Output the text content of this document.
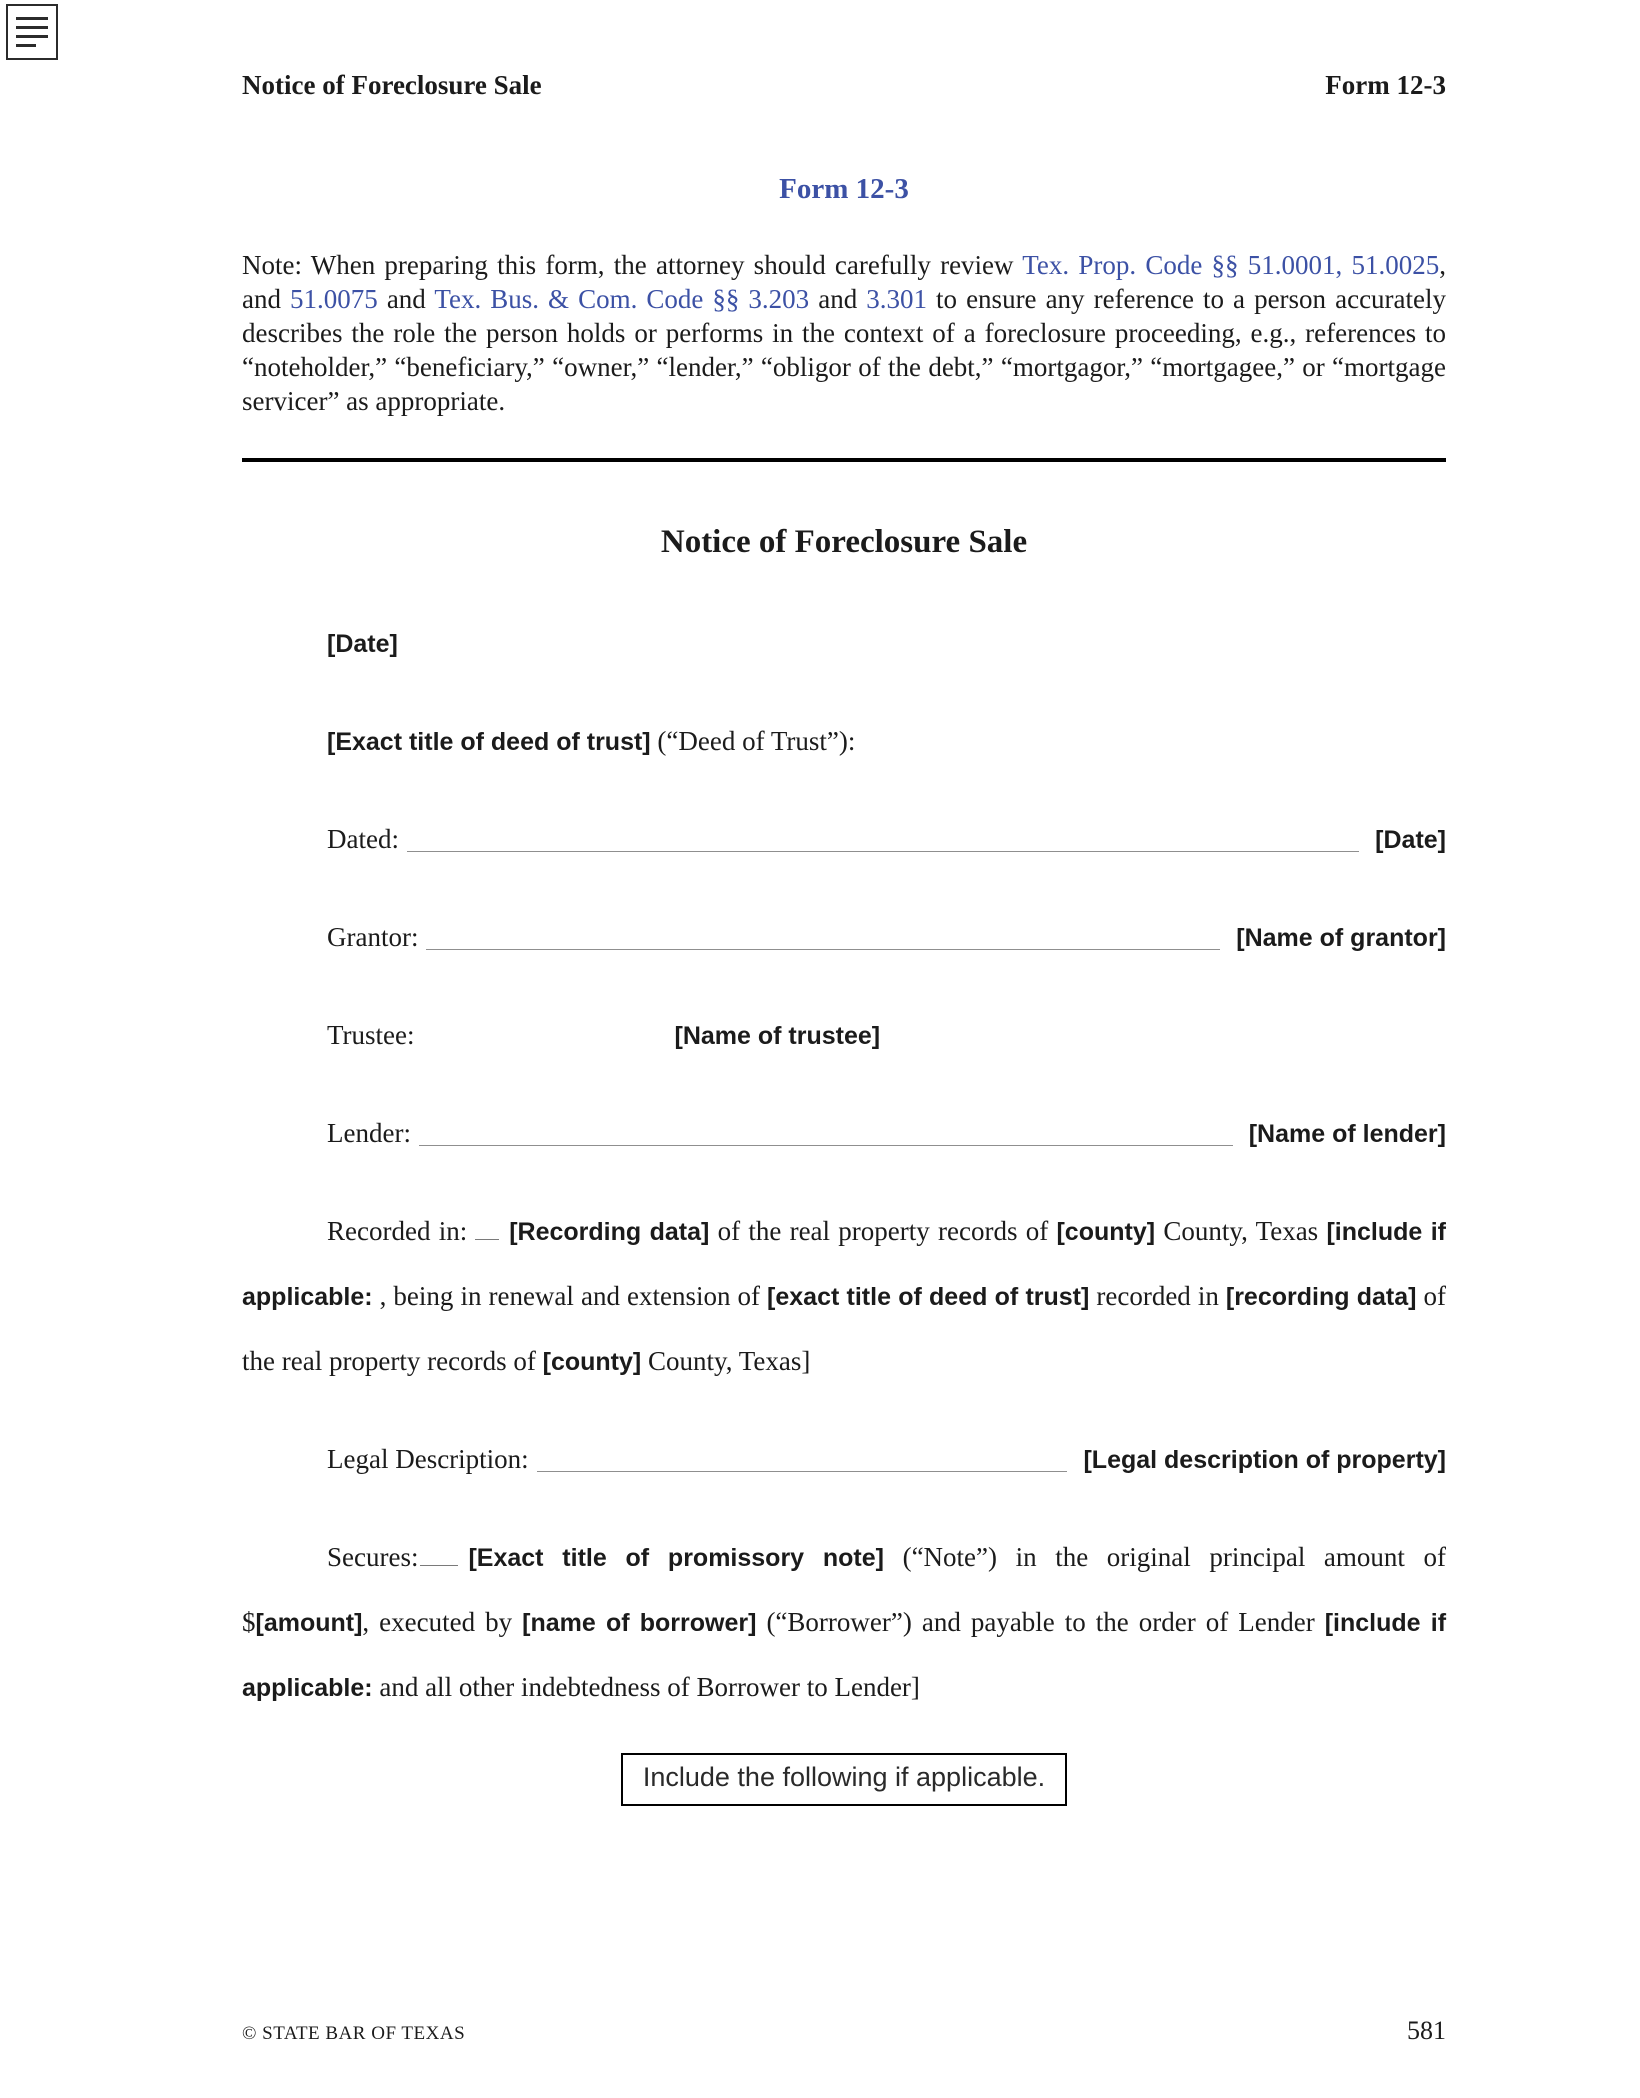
Notice of Foreclosure Sale	Form 12-3
Form 12-3

Note: When preparing this form, the attorney should carefully review Tex. Prop. Code §§ 51.0001, 51.0025, and 51.0075 and Tex. Bus. & Com. Code §§ 3.203 and 3.301 to ensure any reference to a person accurately describes the role the person holds or performs in the context of a foreclosure proceeding, e.g., references to “noteholder,” “beneficiary,” “owner,” “lender,” “obligor of the debt,” “mortgagor,” “mortgagee,” or “mortgage servicer” as appropriate.

Notice of Foreclosure Sale
[Date]
[Exact title of deed of trust] (“Deed of Trust”):
Dated:	[Date]
Grantor:	[Name of grantor]
Trustee:	[Name of trustee]
Lender:	[Name of lender]

Recorded in: [Recording data] of the real property records of [county] County, Texas [include if applicable: , being in renewal and extension of [exact title of deed of trust] recorded in [recording data] of the real property records of [county] County, Texas]

Legal Description:	[Legal description of property]

Secures: [Exact title of promissory note] (“Note”) in the original principal amount of $[amount], executed by [name of borrower] (“Borrower”) and payable to the order of Lender [include if applicable: and all other indebtedness of Borrower to Lender]

Include the following if applicable.
© STATE BAR OF TEXAS	581
